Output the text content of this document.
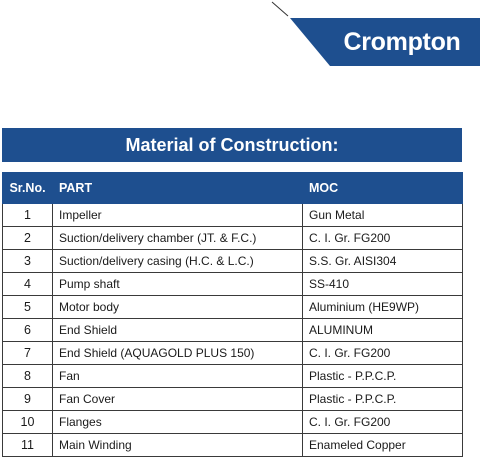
Crompton
Material of Construction:
Sr.No.	PART	MOC
1	Impeller	Gun Metal
2	Suction/delivery chamber (JT. & F.C.)	C. I. Gr. FG200
3	Suction/delivery casing (H.C. & L.C.)	S.S. Gr. AISI304
4	Pump shaft	SS-410
5	Motor body	Aluminium (HE9WP)
6	End Shield	ALUMINUM
7	End Shield (AQUAGOLD PLUS 150)	C. I. Gr. FG200
8	Fan	Plastic - P.P.C.P.
9	Fan Cover	Plastic - P.P.C.P.
10	Flanges	C. I. Gr. FG200
11	Main Winding	Enameled Copper
